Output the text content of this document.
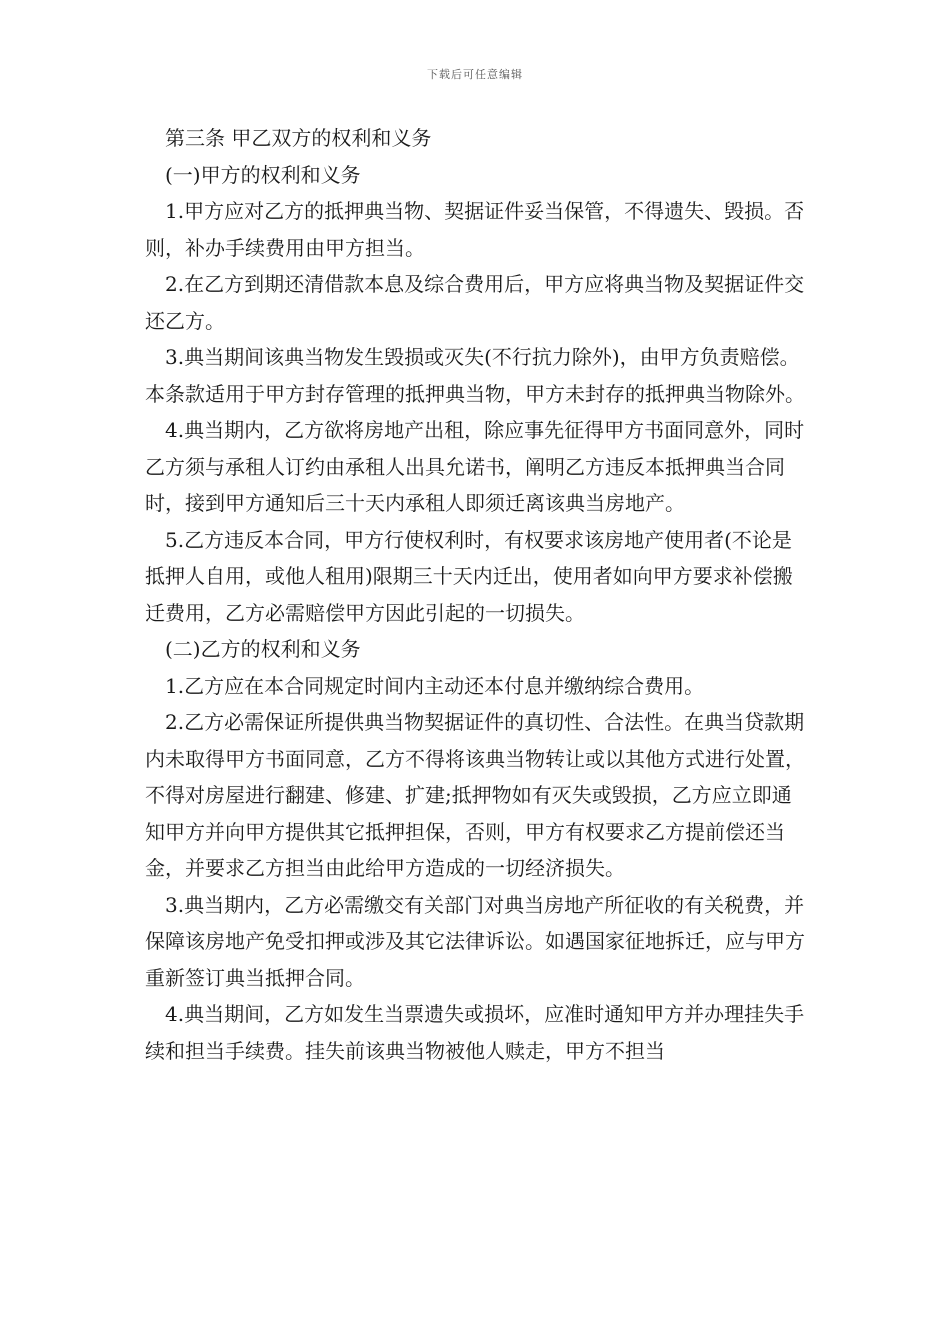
下载后可任意编辑

第三条 甲乙双方的权利和义务

(一)甲方的权利和义务

1.甲方应对乙方的抵押典当物、契据证件妥当保管，不得遗失、毁损。否则，补办手续费用由甲方担当。

2.在乙方到期还清借款本息及综合费用后，甲方应将典当物及契据证件交还乙方。

3.典当期间该典当物发生毁损或灭失(不行抗力除外)，由甲方负责赔偿。本条款适用于甲方封存管理的抵押典当物，甲方未封存的抵押典当物除外。

4.典当期内，乙方欲将房地产出租，除应事先征得甲方书面同意外，同时乙方须与承租人订约由承租人出具允诺书，阐明乙方违反本抵押典当合同时，接到甲方通知后三十天内承租人即须迁离该典当房地产。

5.乙方违反本合同，甲方行使权利时，有权要求该房地产使用者(不论是抵押人自用，或他人租用)限期三十天内迁出，使用者如向甲方要求补偿搬迁费用，乙方必需赔偿甲方因此引起的一切损失。

(二)乙方的权利和义务

1.乙方应在本合同规定时间内主动还本付息并缴纳综合费用。

2.乙方必需保证所提供典当物契据证件的真切性、合法性。在典当贷款期内未取得甲方书面同意，乙方不得将该典当物转让或以其他方式进行处置，不得对房屋进行翻建、修建、扩建;抵押物如有灭失或毁损，乙方应立即通知甲方并向甲方提供其它抵押担保，否则，甲方有权要求乙方提前偿还当金，并要求乙方担当由此给甲方造成的一切经济损失。

3.典当期内，乙方必需缴交有关部门对典当房地产所征收的有关税费，并保障该房地产免受扣押或涉及其它法律诉讼。如遇国家征地拆迁，应与甲方重新签订典当抵押合同。

4.典当期间，乙方如发生当票遗失或损坏，应准时通知甲方并办理挂失手续和担当手续费。挂失前该典当物被他人赎走，甲方不担当
